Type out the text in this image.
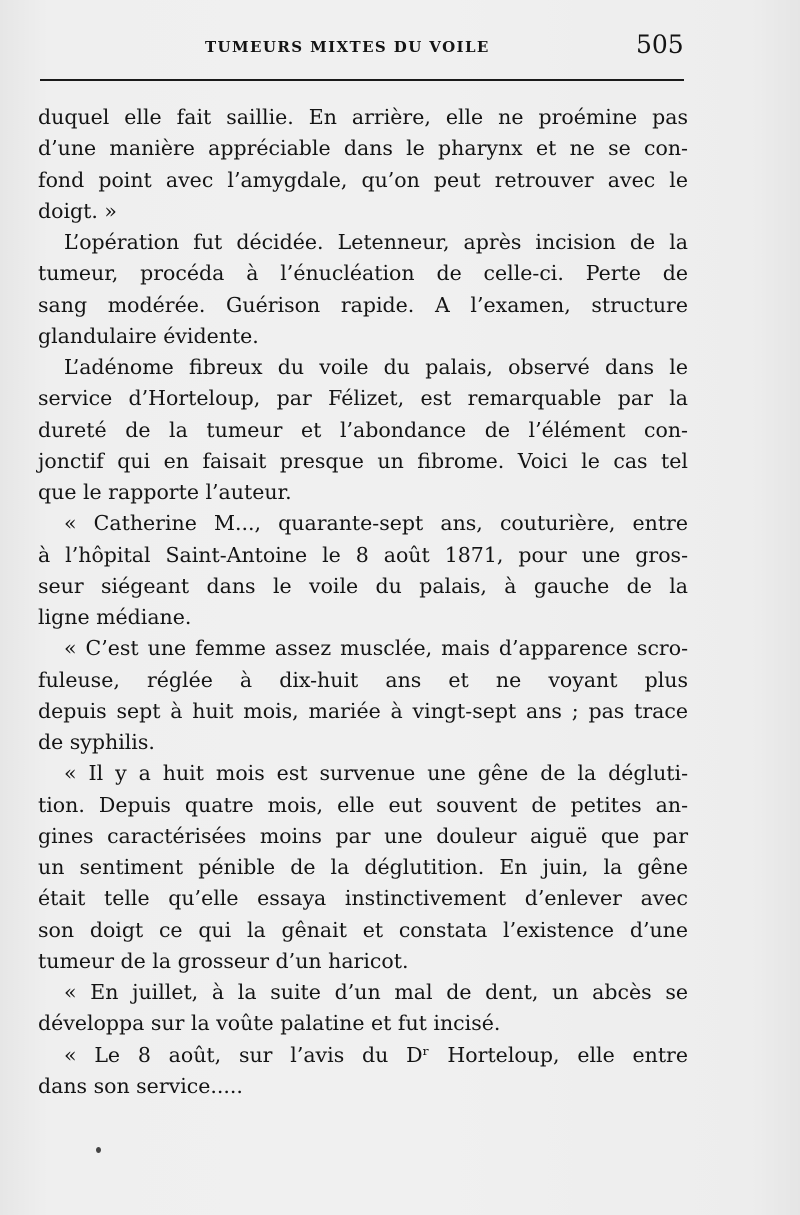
TUMEURS MIXTES DU VOILE	505
duquel elle fait saillie. En arrière, elle ne proémine pas
d’une manière appréciable dans le pharynx et ne se con-
fond point avec l’amygdale, qu’on peut retrouver avec le
doigt. »
L’opération fut décidée. Letenneur, après incision de la
tumeur, procéda à l’énucléation de celle-ci. Perte de
sang modérée. Guérison rapide. A l’examen, structure
glandulaire évidente.
L’adénome fibreux du voile du palais, observé dans le
service d’Horteloup, par Félizet, est remarquable par la
dureté de la tumeur et l’abondance de l’élément con-
jonctif qui en faisait presque un fibrome. Voici le cas tel
que le rapporte l’auteur.
« Catherine M..., quarante-sept ans, couturière, entre
à l’hôpital Saint-Antoine le 8 août 1871, pour une gros-
seur siégeant dans le voile du palais, à gauche de la
ligne médiane.
« C’est une femme assez musclée, mais d’apparence scro-
fuleuse, réglée à dix-huit ans et ne voyant plus
depuis sept à huit mois, mariée à vingt-sept ans ; pas trace
de syphilis.
« Il y a huit mois est survenue une gêne de la dégluti-
tion. Depuis quatre mois, elle eut souvent de petites an-
gines caractérisées moins par une douleur aiguë que par
un sentiment pénible de la déglutition. En juin, la gêne
était telle qu’elle essaya instinctivement d’enlever avec
son doigt ce qui la gênait et constata l’existence d’une
tumeur de la grosseur d’un haricot.
« En juillet, à la suite d’un mal de dent, un abcès se
développa sur la voûte palatine et fut incisé.
« Le 8 août, sur l’avis du Dʳ Horteloup, elle entre
dans son service.....
